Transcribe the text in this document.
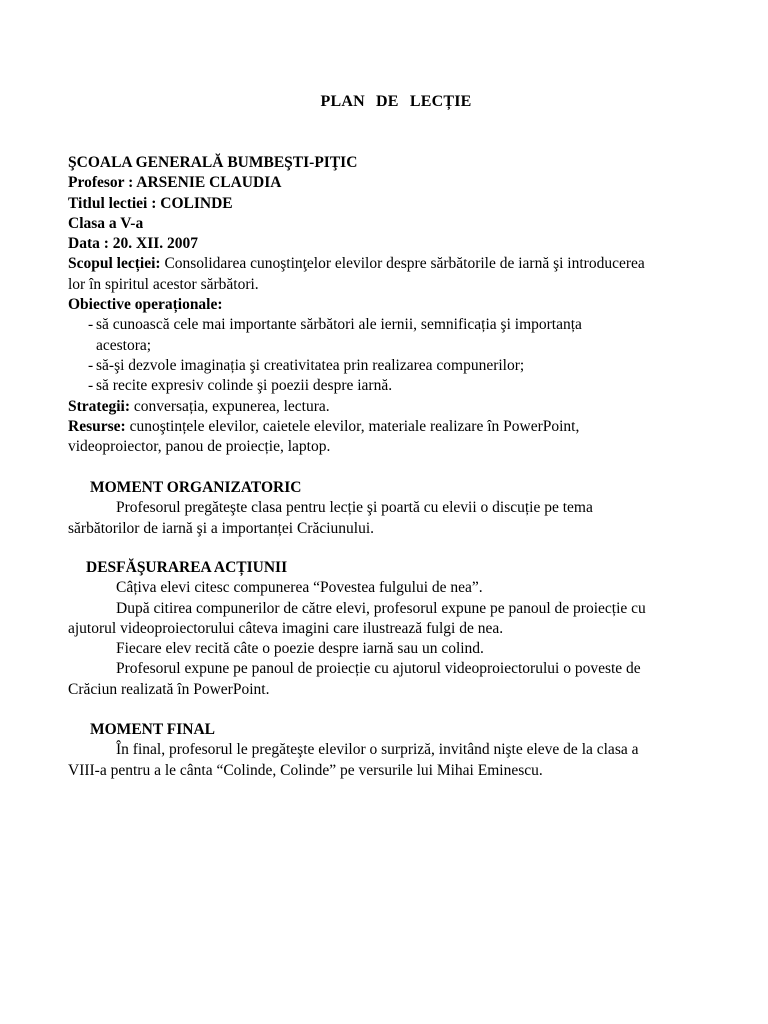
PLAN DE LECȚIE
ŞCOALA GENERALĂ BUMBEŞTI-PIŢIC
Profesor : ARSENIE CLAUDIA
Titlul lectiei : COLINDE
Clasa a V-a
Data : 20. XII. 2007
Scopul lecției: Consolidarea cunoştinţelor elevilor despre sărbătorile de iarnă şi introducerea
lor în spiritul acestor sărbători.
Obiective operaționale:
- să cunoască cele mai importante sărbători ale iernii, semnificația şi importanța
acestora;
- să-şi dezvole imaginația şi creativitatea prin realizarea compunerilor;
- să recite expresiv colinde şi poezii despre iarnă.
Strategii: conversația, expunerea, lectura.
Resurse: cunoştințele elevilor, caietele elevilor, materiale realizare în PowerPoint,
videoproiector, panou de proiecție, laptop.
MOMENT ORGANIZATORIC
Profesorul pregăteşte clasa pentru lecție şi poartă cu elevii o discuție pe tema
sărbătorilor de iarnă şi a importanței Crăciunului.
DESFĂŞURAREA ACȚIUNII
Câțiva elevi citesc compunerea “Povestea fulgului de nea”.
După citirea compunerilor de către elevi, profesorul expune pe panoul de proiecție cu
ajutorul videoproiectorului câteva imagini care ilustrează fulgi de nea.
Fiecare elev recită câte o poezie despre iarnă sau un colind.
Profesorul expune pe panoul de proiecție cu ajutorul videoproiectorului o poveste de
Crăciun realizată în PowerPoint.
MOMENT FINAL
În final, profesorul le pregăteşte elevilor o surpriză, invitând nişte eleve de la clasa a
VIII-a pentru a le cânta “Colinde, Colinde” pe versurile lui Mihai Eminescu.
